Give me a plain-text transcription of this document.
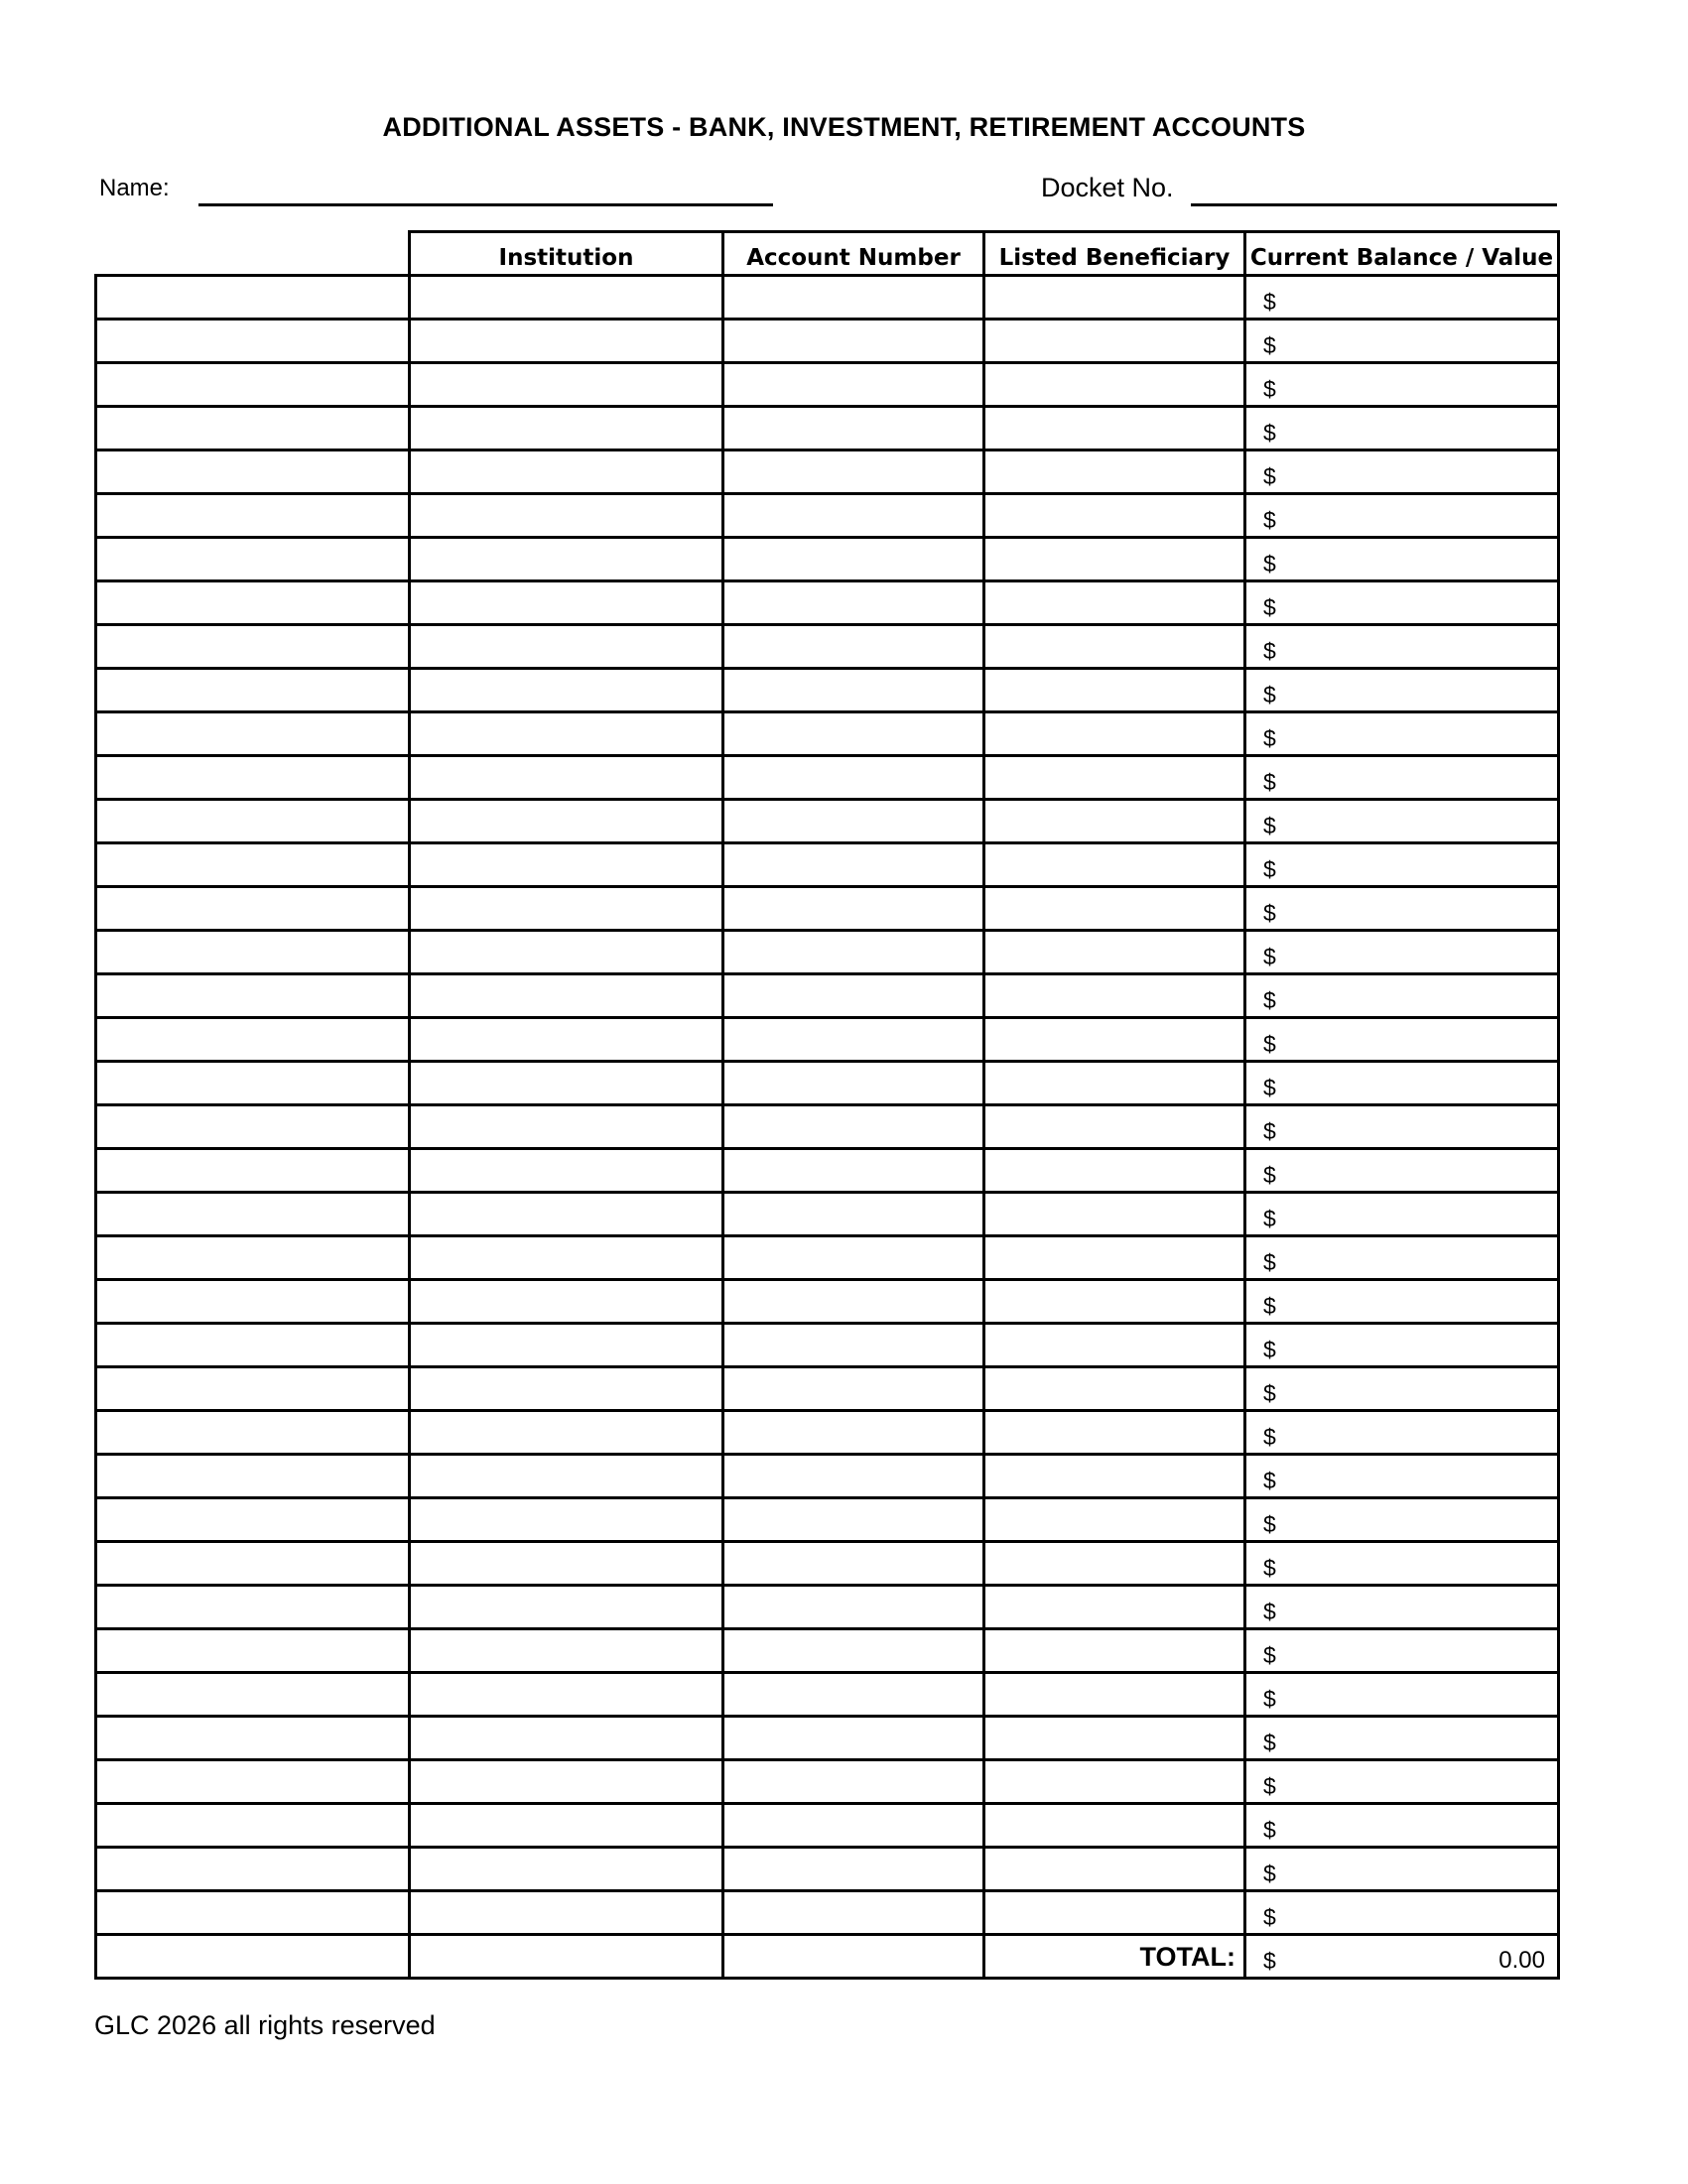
ADDITIONAL ASSETS - BANK, INVESTMENT, RETIREMENT ACCOUNTS
Name:	Docket No.
	Institution	Account Number	Listed Beneficiary	Current Balance / Value

				$

				$

				$

				$

				$

				$

				$

				$

				$

				$

				$

				$

				$

				$

				$

				$

				$

				$

				$

				$

				$

				$

				$

				$

				$

				$

				$

				$

				$

				$

				$

				$

				$

				$

				$

				$

				$

				$

			TOTAL:	$ 0.00
GLC 2026 all rights reserved
